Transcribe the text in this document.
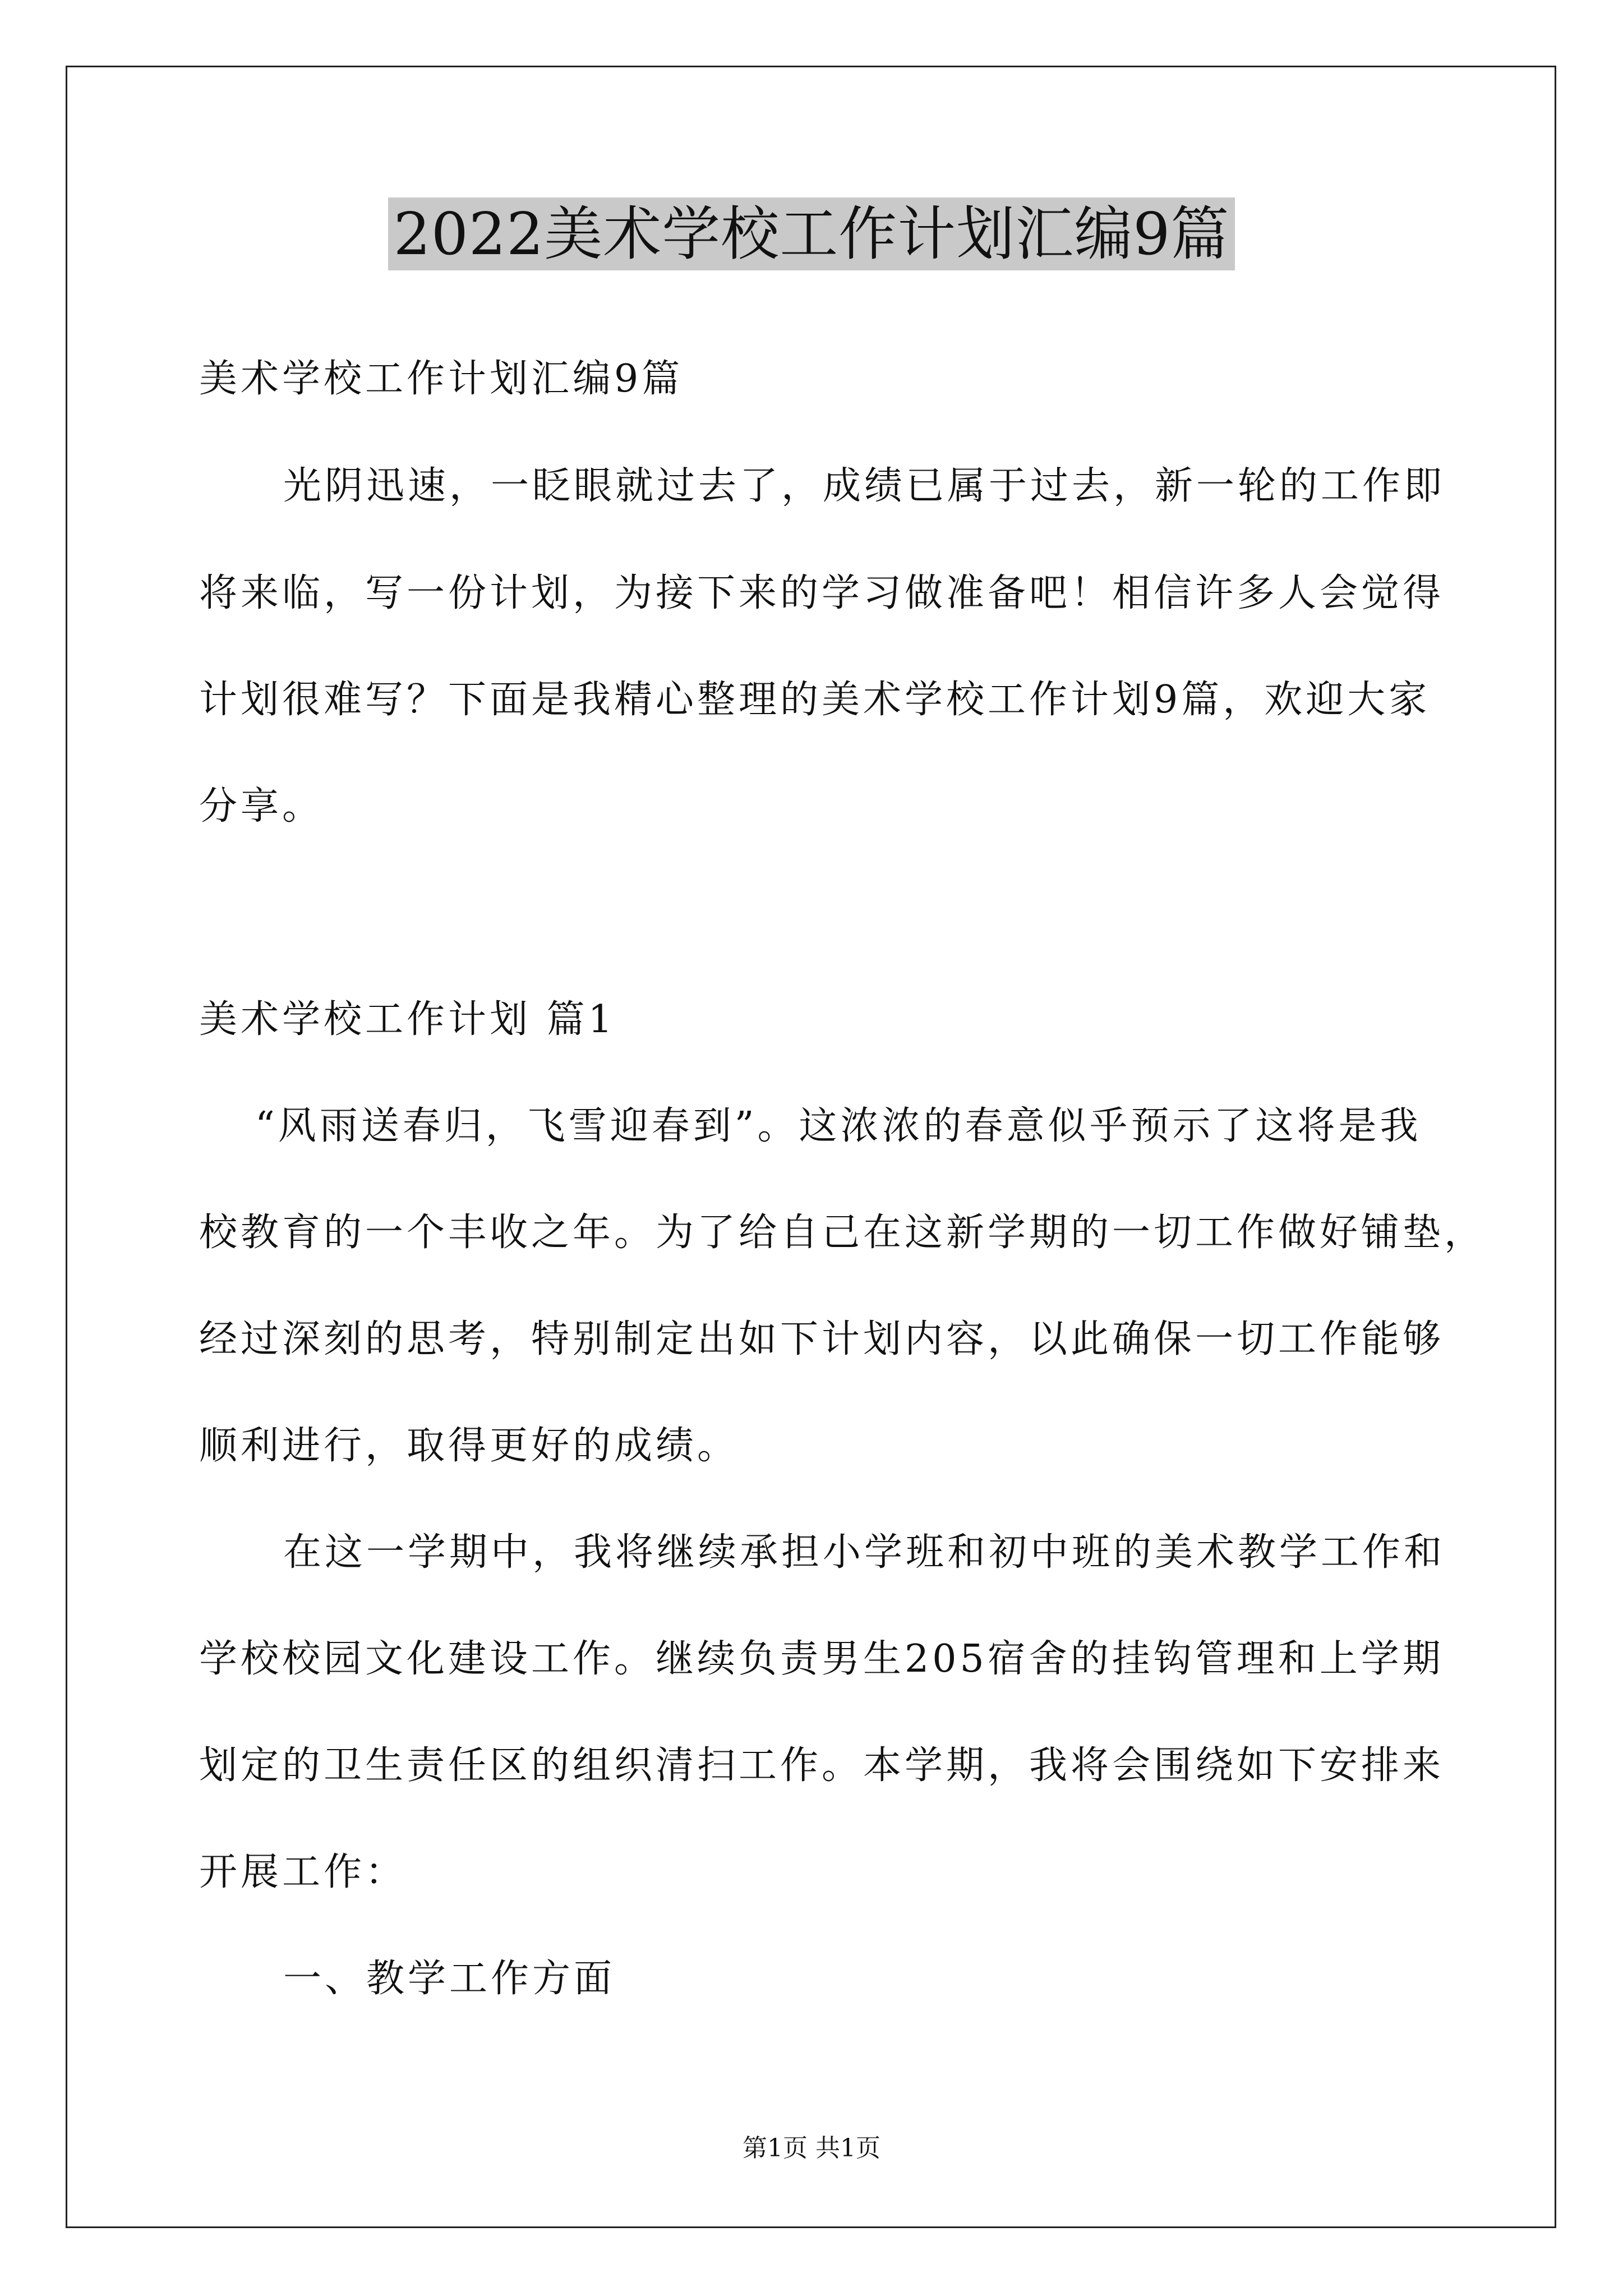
2022美术学校工作计划汇编9篇
美术学校工作计划汇编9篇
光阴迅速，一眨眼就过去了，成绩已属于过去，新一轮的工作即
将来临，写一份计划，为接下来的学习做准备吧！相信许多人会觉得
计划很难写？下面是我精心整理的美术学校工作计划9篇，欢迎大家
分享。
美术学校工作计划 篇1
“风雨送春归，飞雪迎春到”。这浓浓的春意似乎预示了这将是我
校教育的一个丰收之年。为了给自己在这新学期的一切工作做好铺垫，
经过深刻的思考，特别制定出如下计划内容，以此确保一切工作能够
顺利进行，取得更好的成绩。
在这一学期中，我将继续承担小学班和初中班的美术教学工作和
学校校园文化建设工作。继续负责男生205宿舍的挂钩管理和上学期
划定的卫生责任区的组织清扫工作。本学期，我将会围绕如下安排来
开展工作：
一、教学工作方面
第1页 共1页
